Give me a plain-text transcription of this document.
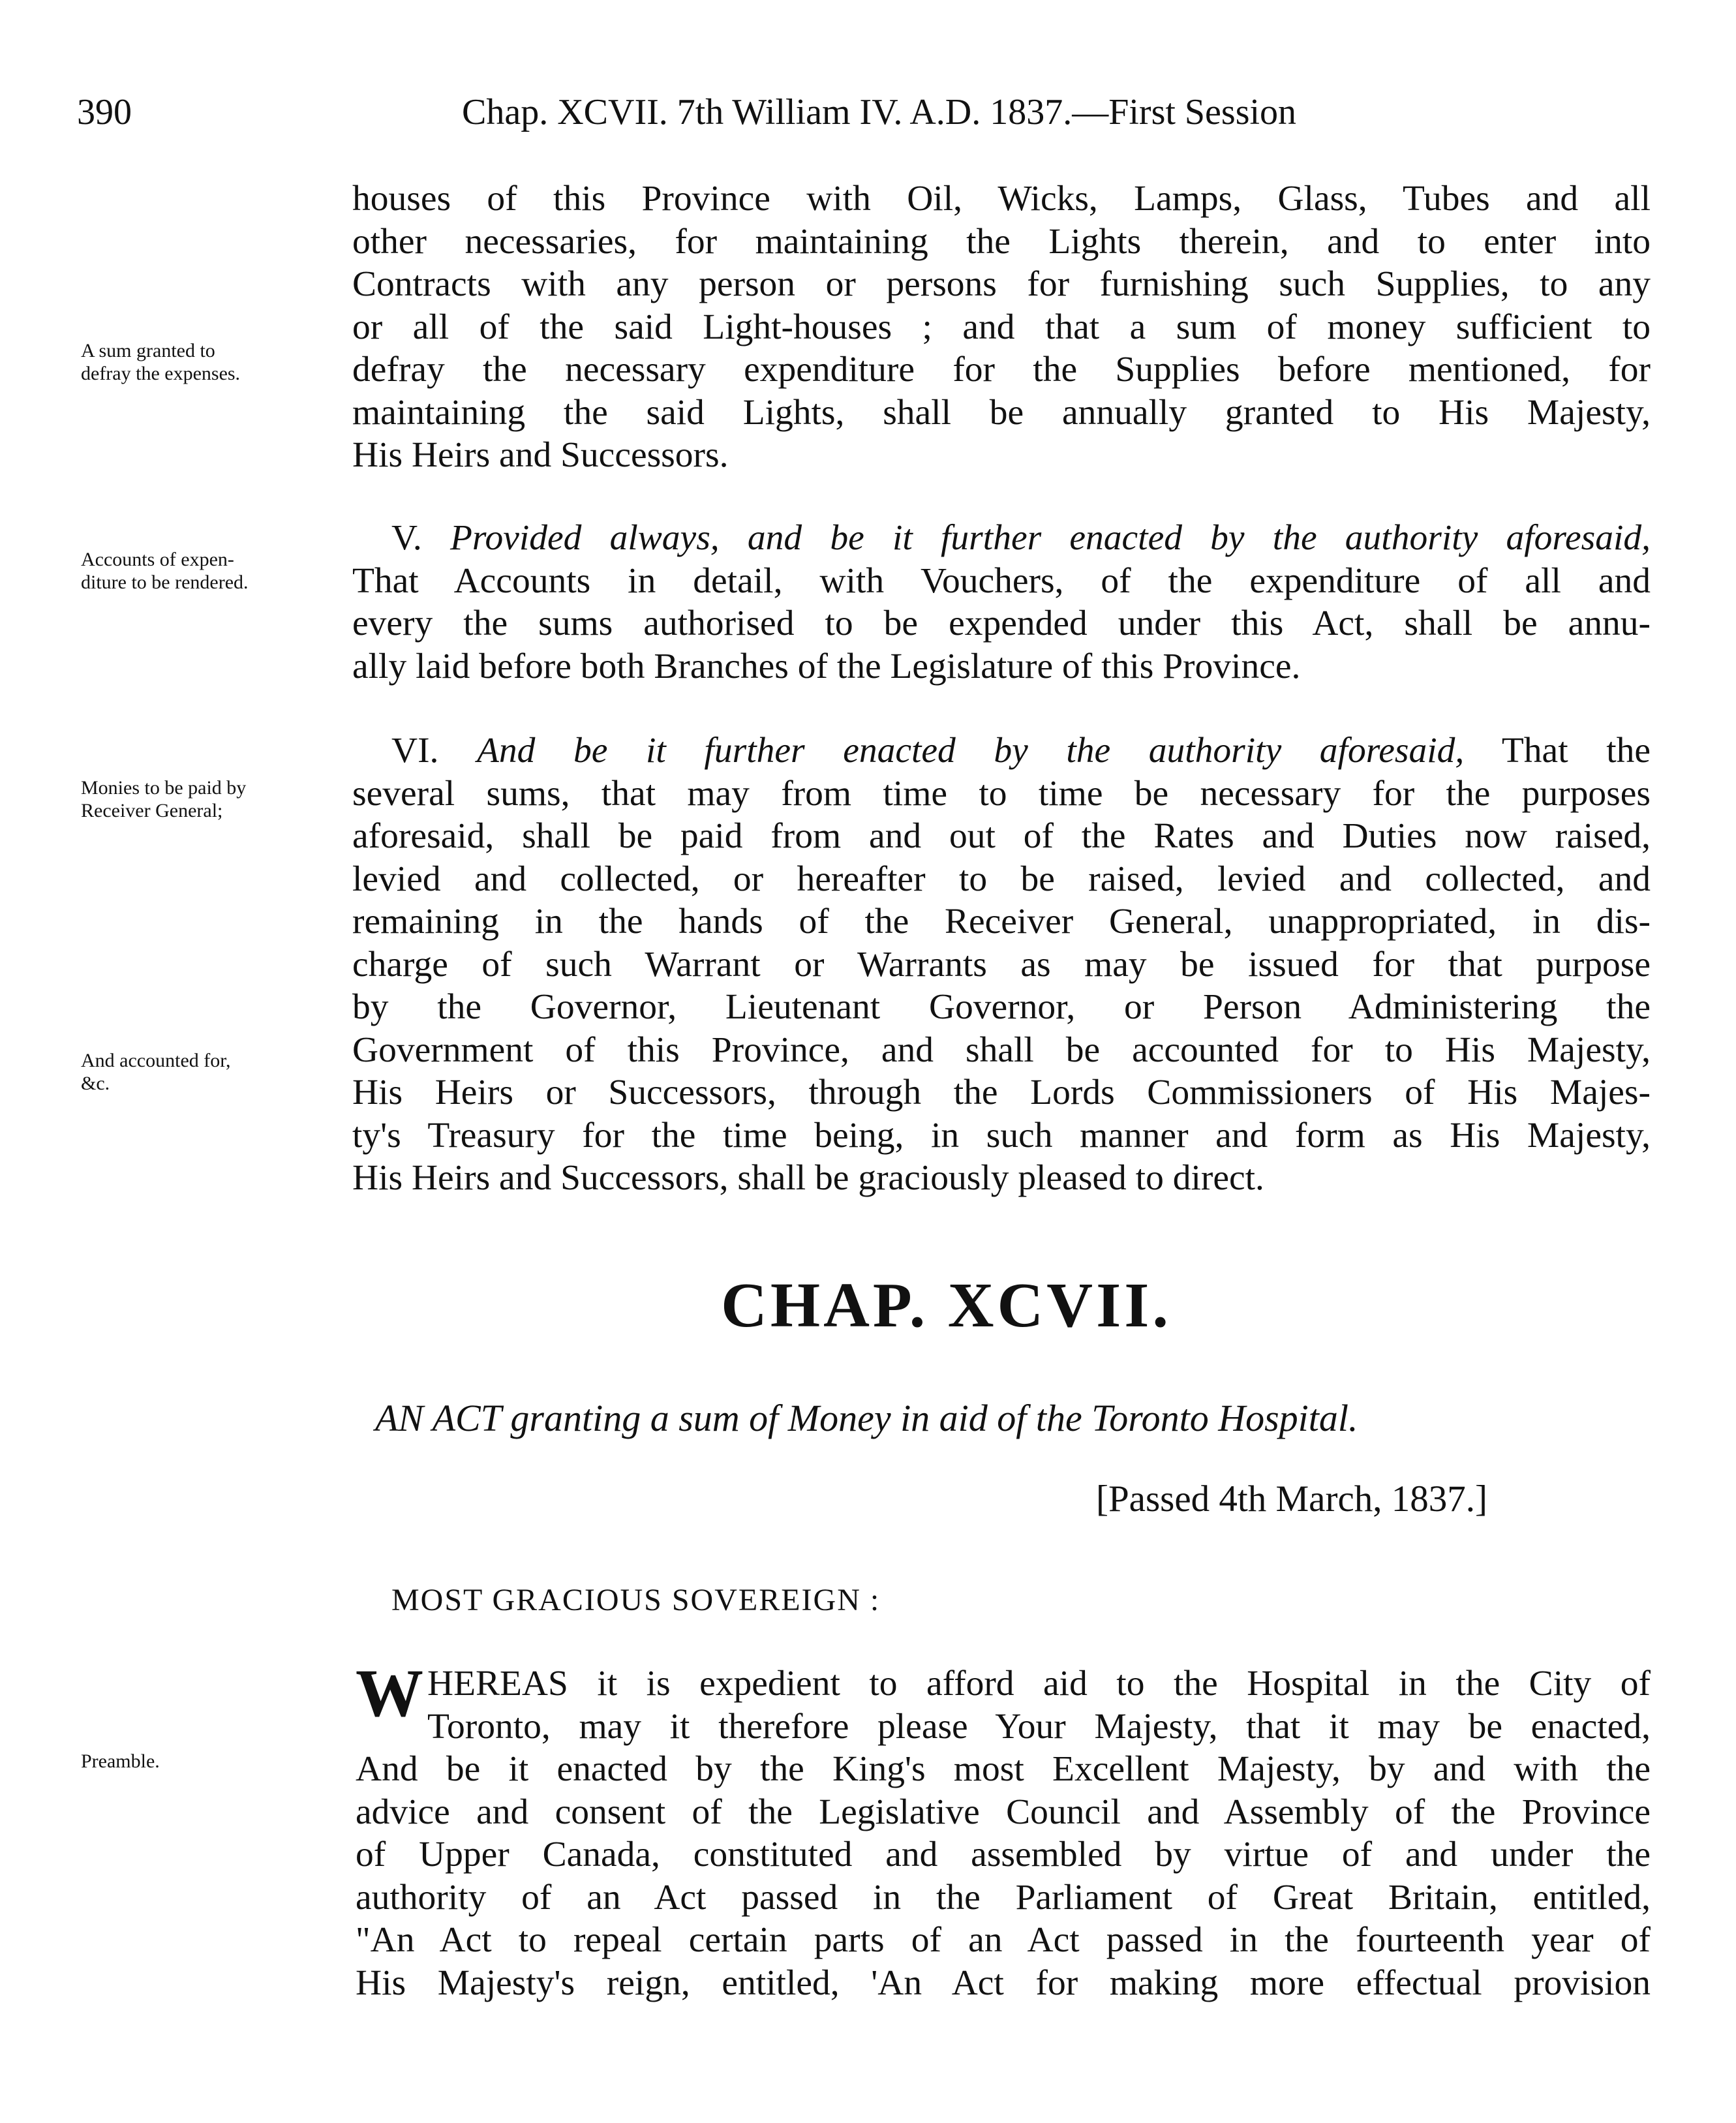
390	Chap. XCVII. 7th William IV. A.D. 1837.—First Session
houses of this Province with Oil, Wicks, Lamps, Glass, Tubes and all
other necessaries, for maintaining the Lights therein, and to enter into
Contracts with any person or persons for furnishing such Supplies, to any
or all of the said Light-houses ; and that a sum of money sufficient to
defray the necessary expenditure for the Supplies before mentioned, for
maintaining the said Lights, shall be annually granted to His Majesty,
His Heirs and Successors.
A sum granted to
defray the expenses.
V. Provided always, and be it further enacted by the authority aforesaid,
That Accounts in detail, with Vouchers, of the expenditure of all and
every the sums authorised to be expended under this Act, shall be annu-
ally laid before both Branches of the Legislature of this Province.
Accounts of expen-
diture to be rendered.
VI. And be it further enacted by the authority aforesaid, That the
several sums, that may from time to time be necessary for the purposes
aforesaid, shall be paid from and out of the Rates and Duties now raised,
levied and collected, or hereafter to be raised, levied and collected, and
remaining in the hands of the Receiver General, unappropriated, in dis-
charge of such Warrant or Warrants as may be issued for that purpose
by the Governor, Lieutenant Governor, or Person Administering the
Government of this Province, and shall be accounted for to His Majesty,
His Heirs or Successors, through the Lords Commissioners of His Majes-
ty's Treasury for the time being, in such manner and form as His Majesty,
His Heirs and Successors, shall be graciously pleased to direct.
Monies to be paid by
Receiver General;
And accounted for,
&c.
CHAP. XCVII.
AN ACT granting a sum of Money in aid of the Toronto Hospital.
[Passed 4th March, 1837.]
MOST GRACIOUS SOVEREIGN :
WHEREAS it is expedient to afford aid to the Hospital in the City of
Toronto, may it therefore please Your Majesty, that it may be enacted,
And be it enacted by the King's most Excellent Majesty, by and with the
advice and consent of the Legislative Council and Assembly of the Province
of Upper Canada, constituted and assembled by virtue of and under the
authority of an Act passed in the Parliament of Great Britain, entitled,
"An Act to repeal certain parts of an Act passed in the fourteenth year of
His Majesty's reign, entitled, 'An Act for making more effectual provision
Preamble.
